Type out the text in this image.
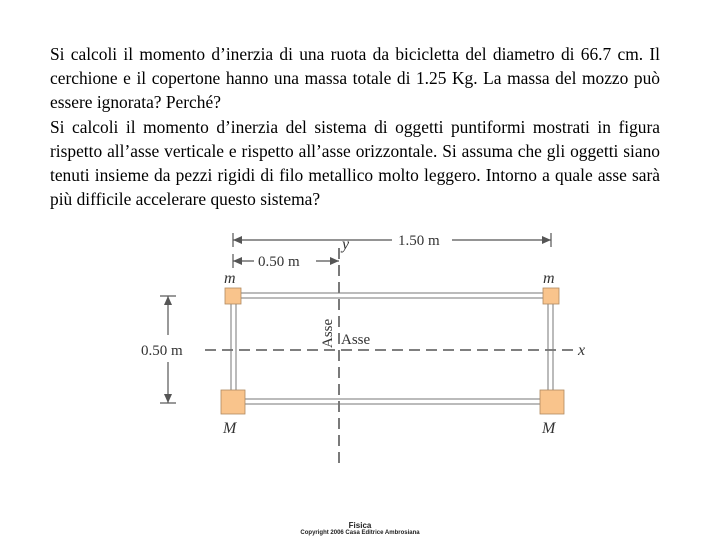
Si calcoli il momento d’inerzia di una ruota da bicicletta del diametro di 66.7 cm. Il cerchione e il copertone hanno una massa totale di 1.25 Kg. La massa del mozzo può essere ignorata? Perché?

Si calcoli il momento d’inerzia del sistema di oggetti puntiformi mostrati in figura rispetto all’asse verticale e rispetto all’asse orizzontale. Si assuma che gli oggetti siano tenuti insieme da pezzi rigidi di filo metallico molto leggero. Intorno a quale asse sarà più difficile accelerare questo sistema?

1.50 m
0.50 m
y
x
Asse Asse
0.50 m
m	m
M	M
Fisica
Copyright 2006 Casa Editrice Ambrosiana
